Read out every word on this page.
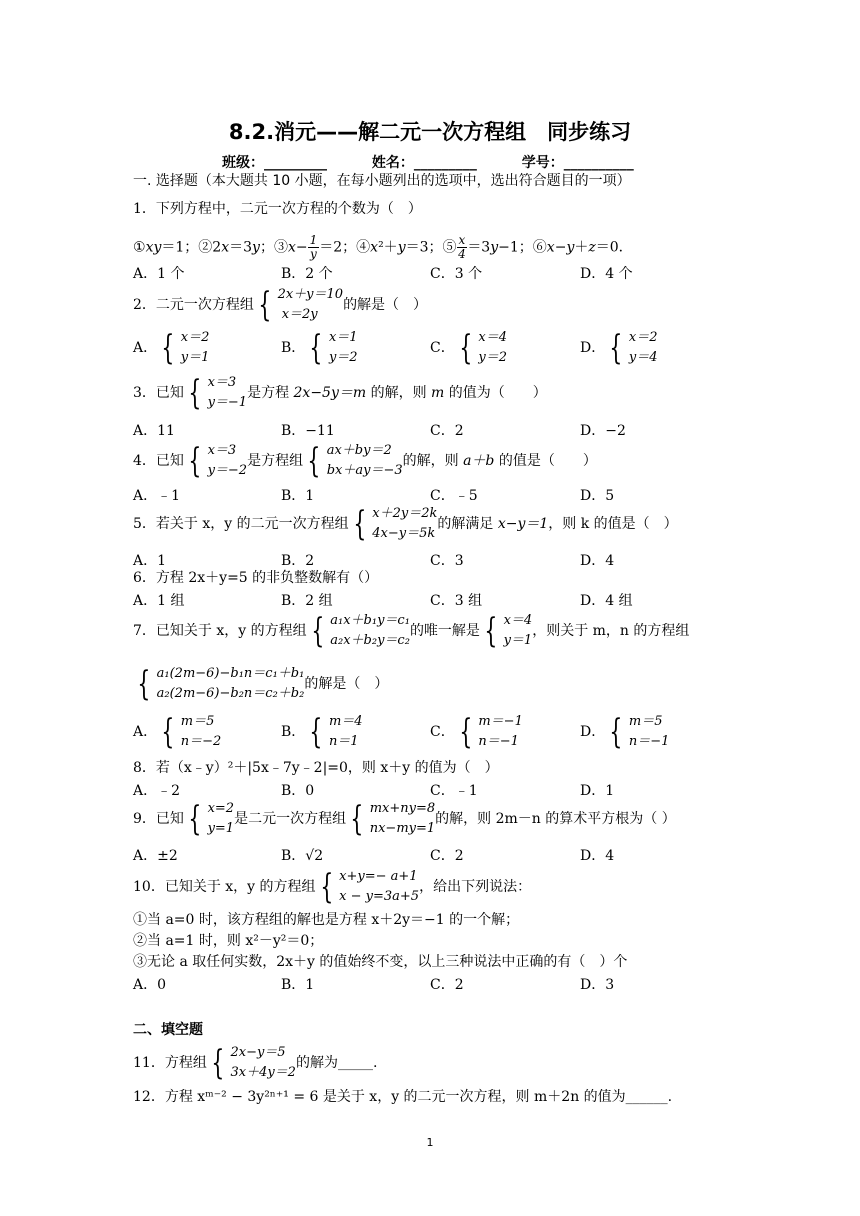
8.2.消元——解二元一次方程组　同步练习
班级：_________	姓名：_________	学号：__________
一. 选择题（本大题共 10 小题，在每小题列出的选项中，选出符合题目的一项）
1．下列方程中，二元一次方程的个数为（　）
①xy＝1；②2x＝3y；③x− $\frac{1}{y} =2$；④x²＋y＝3；⑤ $\frac{x}{4} =3y-1$；⑥x−y＋z＝0．
A．1 个	B．2 个	C．3 个	D．4 个
2．二元一次方程组 { 2x＋y＝10
x＝2y
的解是（　）
A． { x＝2
y＝1
B． { x＝1
y＝2
C． { x＝4
y＝2
D． { x＝2
y＝4
3．已知 { x＝3
y＝−1
是方程 2x−5y＝m 的解，则 m 的值为（　　）
A．11	B．−11	C．2	D．−2
4．已知 { x＝3
y＝−2
是方程组 { ax＋by＝2
bx＋ay＝−3
的解，则 a＋b 的值是（　　）
A．﹣1	B．1	C．﹣5	D．5
5．若关于 x，y 的二元一次方程组 { x＋2y＝2k
4x−y＝5k
的解满足 x−y＝1 ，则 k 的值是（　）
A．1	B．2	C．3	D．4
6．方程 2x＋y=5 的非负整数解有（）
A．1 组	B．2 组	C．3 组	D．4 组
7．已知关于 x，y 的方程组 { a₁x＋b₁y＝c₁
a₂x＋b₂y＝c₂
的唯一解是 { x＝4
y＝1
，则关于 m，n 的方程组
{ a₁(2m−6)−b₁n＝c₁＋b₁
a₂(2m−6)−b₂n＝c₂＋b₂
的解是（　）
A． { m＝5
n＝−2
B． { m＝4
n＝1
C． { m＝−1
n＝−1
D． { m＝5
n＝−1
8．若（x﹣y）²＋|5x﹣7y﹣2|=0，则 x＋y 的值为（　）
A．﹣2	B．0	C．﹣1	D．1
9．已知 { x=2
y=1
是二元一次方程组 { mx+ny=8
nx−my=1
的解，则 2m－n 的算术平方根为（ ）
A．±2	B．√2	C．2	D．4
10．已知关于 x，y 的方程组 { x+y=− a+1
x − y=3a+5
，给出下列说法：
①当 a=0 时，该方程组的解也是方程 x＋2y＝−1 的一个解；
②当 a=1 时，则 x²－y²＝0；
③无论 a 取任何实数，2x＋y 的值始终不变，以上三种说法中正确的有（　）个
A．0	B．1	C．2	D．3
二、填空题
11．方程组 { 2x−y＝5
3x＋4y＝2
的解为_____.
12．方程 xᵐ⁻² − 3y²ⁿ⁺¹ = 6 是关于 x，y 的二元一次方程，则 m＋2n 的值为______.
1
